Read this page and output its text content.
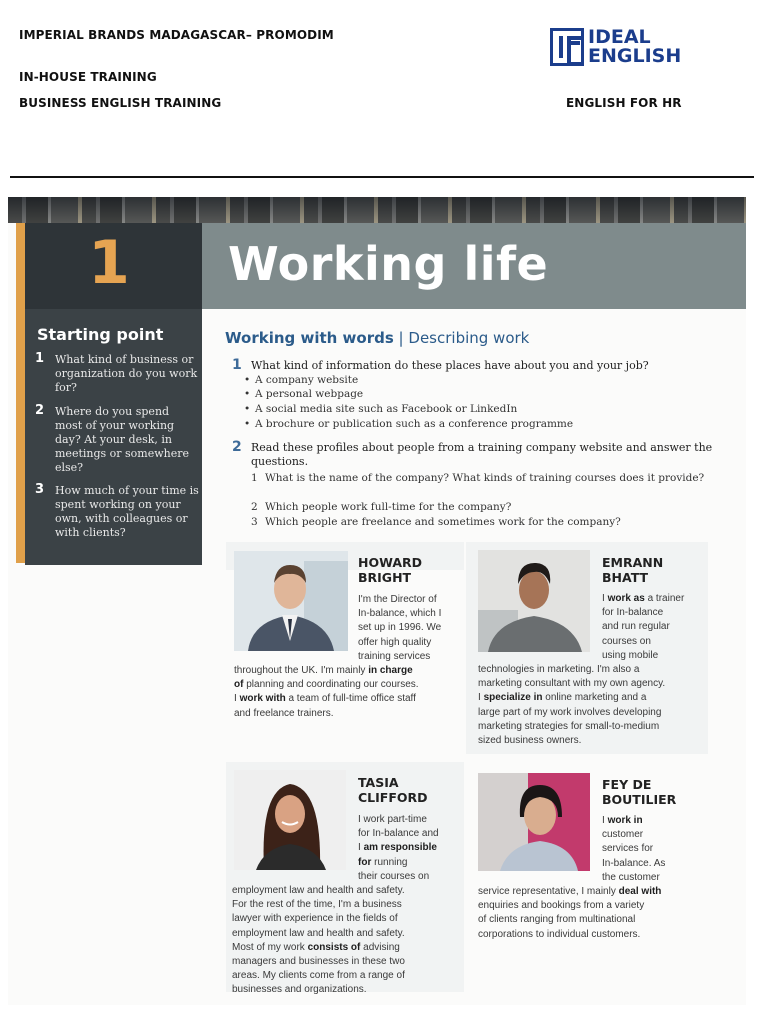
IMPERIAL BRANDS MADAGASCAR– PROMODIM
IN-HOUSE TRAINING
BUSINESS ENGLISH TRAINING	ENGLISH FOR HR
IDEAL
ENGLISH
1	Working life
Starting point
1 What kind of business or organization do you work for?
2 Where do you spend most of your working day? At your desk, in meetings or somewhere else?
3 How much of your time is spent working on your own, with colleagues or with clients?
Working with words | Describing work
1 What kind of information do these places have about you and your job?
• A company website
• A personal webpage
• A social media site such as Facebook or LinkedIn
• A brochure or publication such as a conference programme
2 Read these profiles about people from a training company website and answer the questions.
1 What is the name of the company? What kinds of training courses does it provide?
2 Which people work full-time for the company?
3 Which people are freelance and sometimes work for the company?
HOWARD
BRIGHT
EMRANN
BHATT
TASIA
CLIFFORD
FEY DE
BOUTILIER
I'm the Director of
In-balance, which I
set up in 1996. We
offer high quality
training services
throughout the UK. I'm mainly in charge
of planning and coordinating our courses.
I work with a team of full-time office staff
and freelance trainers.
I work as a trainer
for In-balance
and run regular
courses on
using mobile
technologies in marketing. I'm also a
marketing consultant with my own agency.
I specialize in online marketing and a
large part of my work involves developing
marketing strategies for small-to-medium
sized business owners.
I work part-time
for In-balance and
I am responsible
for running
their courses on
employment law and health and safety.
For the rest of the time, I'm a business
lawyer with experience in the fields of
employment law and health and safety.
Most of my work consists of advising
managers and businesses in these two
areas. My clients come from a range of
businesses and organizations.
I work in
customer
services for
In-balance. As
the customer
service representative, I mainly deal with
enquiries and bookings from a variety
of clients ranging from multinational
corporations to individual customers.
